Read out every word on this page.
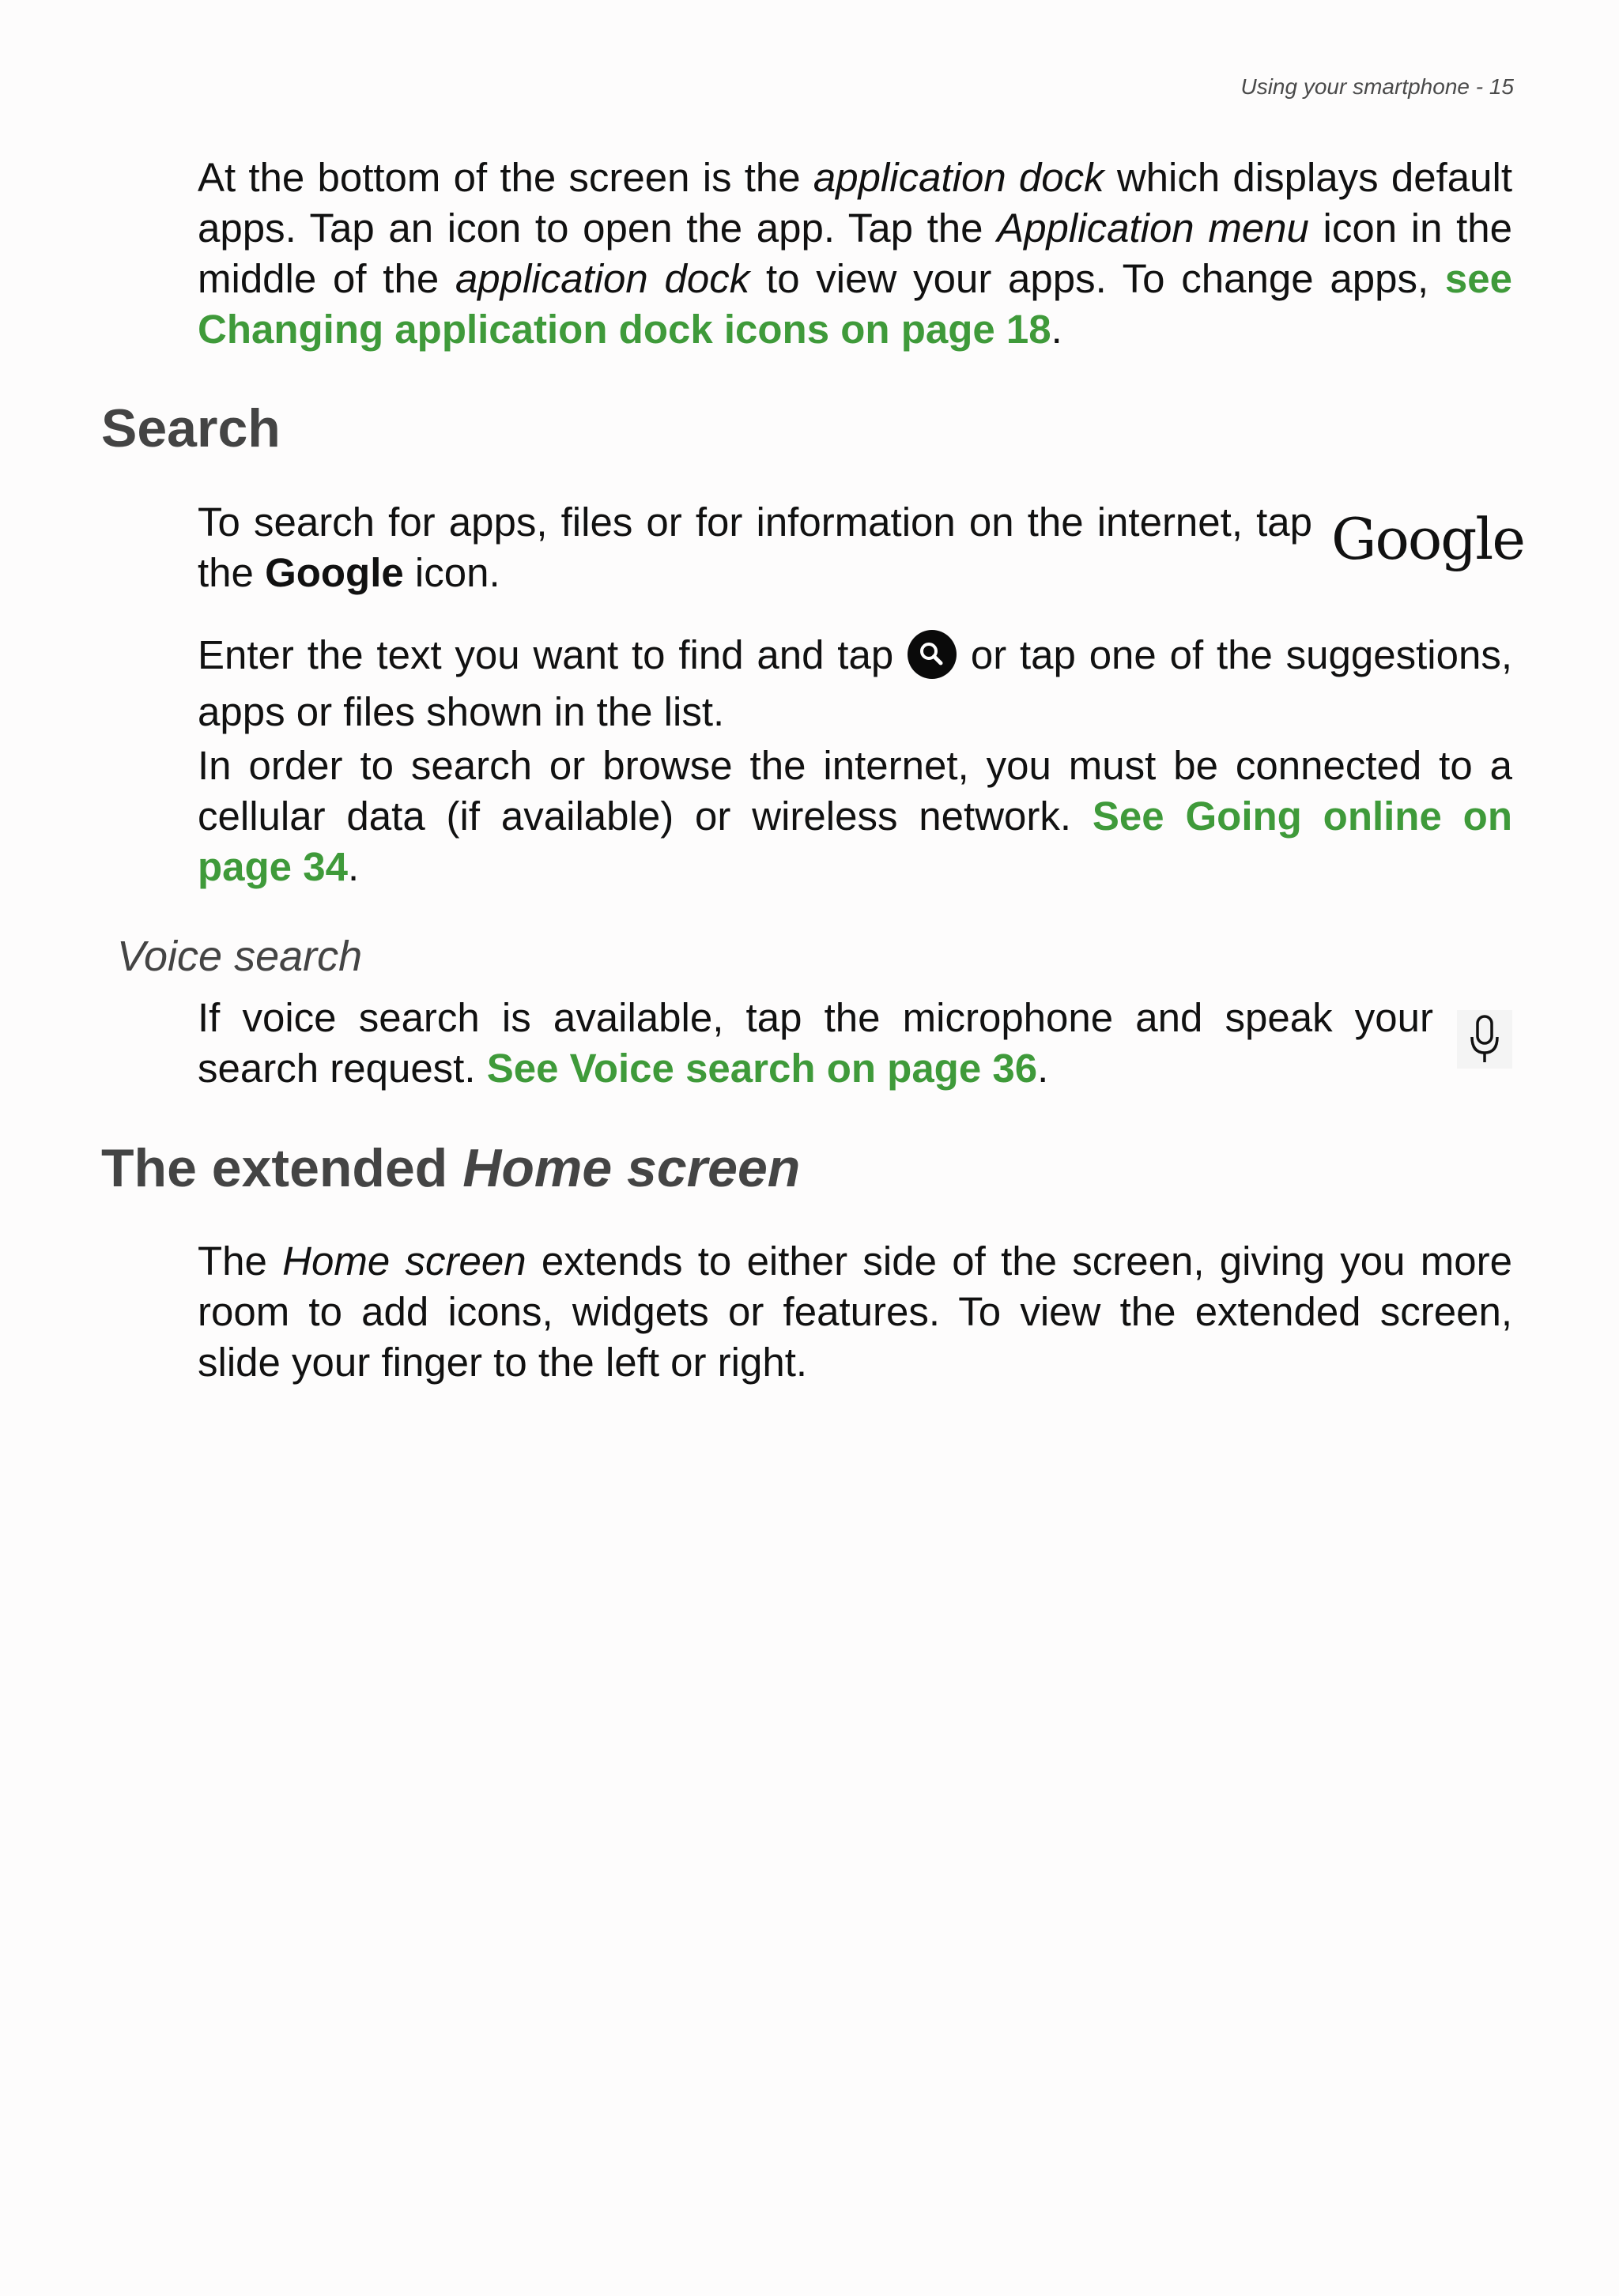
Using your smartphone - 15

At the bottom of the screen is the application dock which displays default apps. Tap an icon to open the app. Tap the Application menu icon in the middle of the application dock to view your apps. To change apps, see Changing application dock icons on page 18.

Search

To search for apps, files or for information on the internet, tap the Google icon.

Google

Enter the text you want to find and tap  or tap one of the suggestions, apps or files shown in the list.

In order to search or browse the internet, you must be connected to a cellular data (if available) or wireless network. See Going online on page 34.

Voice search

If voice search is available, tap the microphone and speak your search request. See Voice search on page 36.

The extended Home screen

The Home screen extends to either side of the screen, giving you more room to add icons, widgets or features. To view the extended screen, slide your finger to the left or right.
